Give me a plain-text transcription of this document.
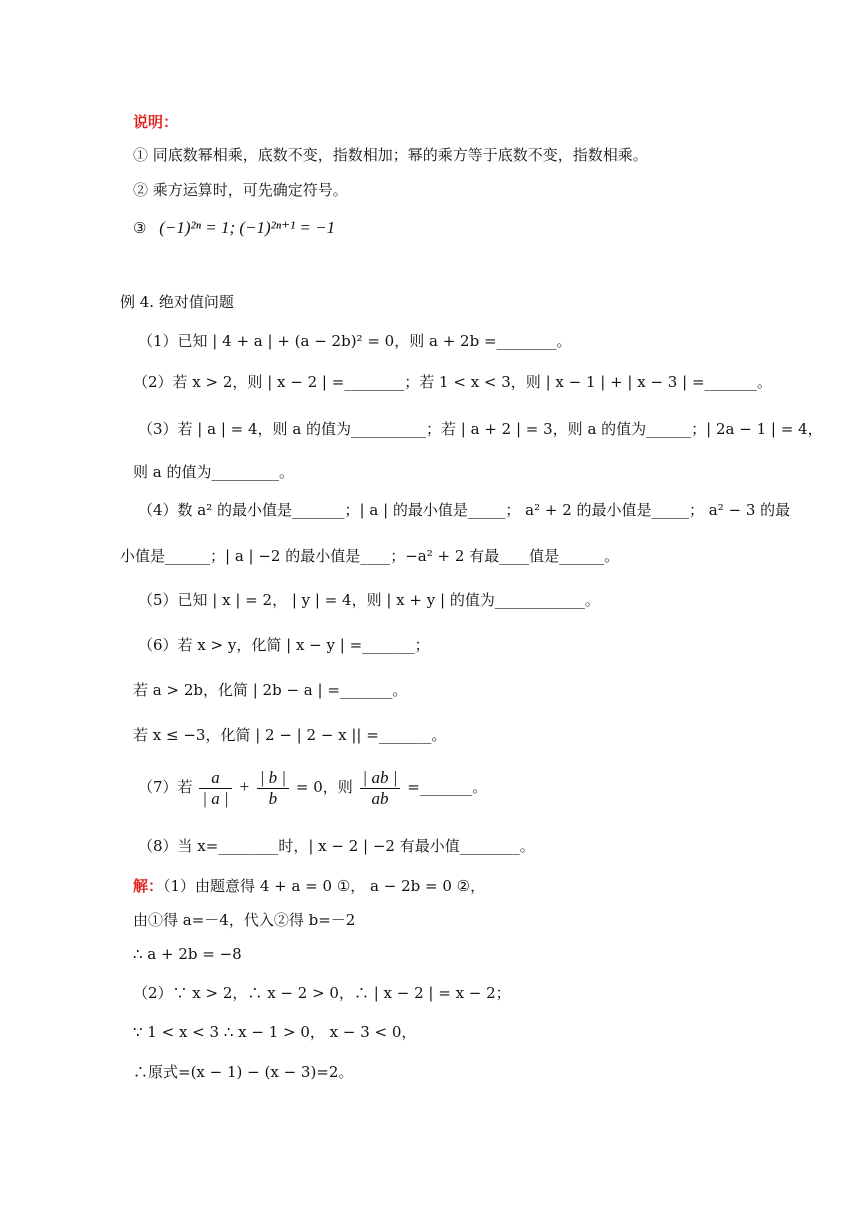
说明：
① 同底数幂相乘，底数不变，指数相加；幂的乘方等于底数不变，指数相乘。
② 乘方运算时，可先确定符号。
③ (−1)²ⁿ = 1; (−1)²ⁿ⁺¹ = −1
例 4. 绝对值问题
（1）已知 | 4 + a | + (a − 2b)² = 0，则 a + 2b =________。
（2）若 x > 2，则 | x − 2 | =________；若 1 < x < 3，则 | x − 1 | + | x − 3 | =_______。
（3）若 | a | = 4，则 a 的值为__________；若 | a + 2 | = 3，则 a 的值为______；| 2a − 1 | = 4，
则 a 的值为_________。
（4）数 a² 的最小值是_______；| a | 的最小值是_____； a² + 2 的最小值是_____； a² − 3 的最
小值是______；| a | −2 的最小值是____；−a² + 2 有最____值是______。
（5）已知 | x | = 2， | y | = 4，则 | x + y | 的值为____________。
（6）若 x > y，化简 | x − y | =_______；
若 a > 2b，化简 | 2b − a | =_______。
若 x ≤ −3，化简 | 2 − | 2 − x || =_______。
（7）若 $\frac{a}{| a |} + \frac{| b |}{b} = 0$，则 $\frac{| ab |}{ab}$ =_______。
（8）当 x=________时，| x − 2 | −2 有最小值________。
解：（1）由题意得 4 + a = 0 ①， a − 2b = 0 ②，
由①得 a=－4，代入②得 b=－2
∴ a + 2b = −8
（2）∵ x > 2，∴ x − 2 > 0，∴ | x − 2 | = x − 2；
∵ 1 < x < 3 ∴ x − 1 > 0， x − 3 < 0，
∴原式=(x − 1) − (x − 3)=2。
